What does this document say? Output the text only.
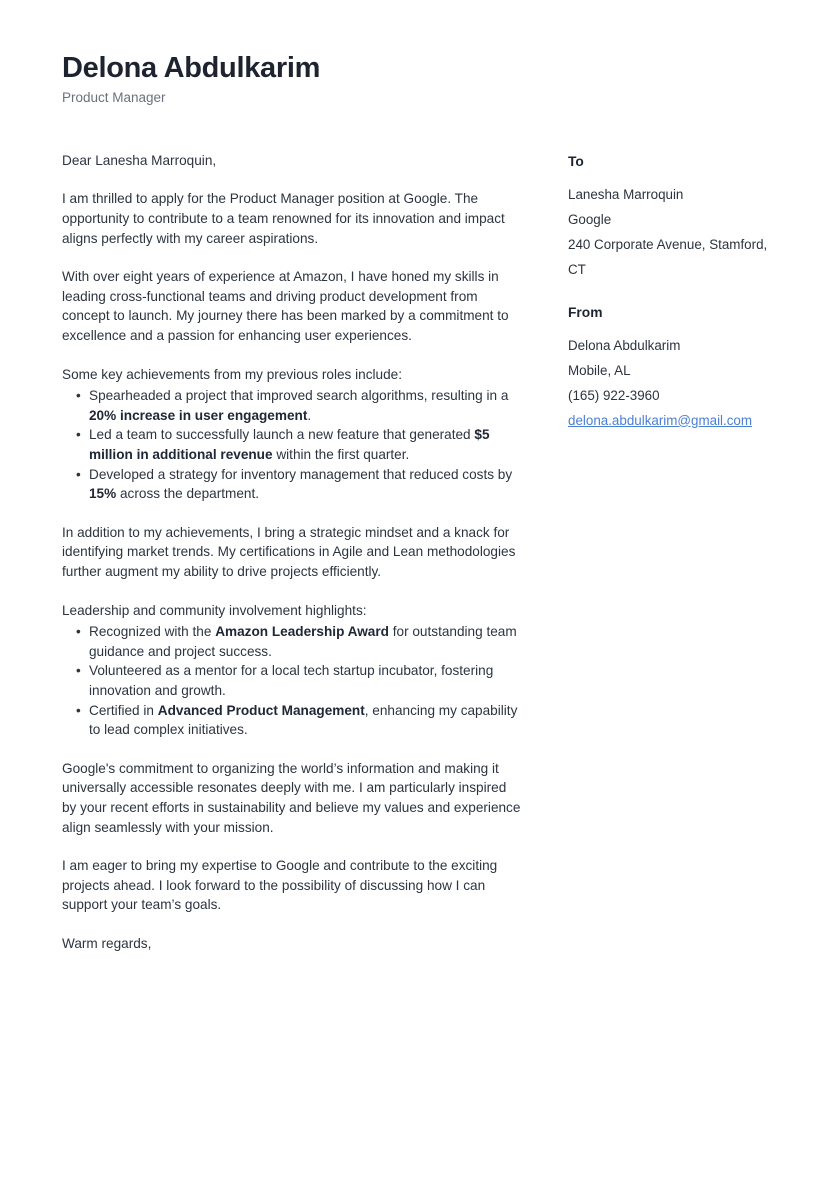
Delona Abdulkarim
Product Manager

Dear Lanesha Marroquin,

I am thrilled to apply for the Product Manager position at Google. The opportunity to contribute to a team renowned for its innovation and impact aligns perfectly with my career aspirations.

With over eight years of experience at Amazon, I have honed my skills in leading cross-functional teams and driving product development from concept to launch. My journey there has been marked by a commitment to excellence and a passion for enhancing user experiences.

Some key achievements from my previous roles include:

• Spearheaded a project that improved search algorithms, resulting in a 20% increase in user engagement.
• Led a team to successfully launch a new feature that generated $5 million in additional revenue within the first quarter.
• Developed a strategy for inventory management that reduced costs by 15% across the department.

In addition to my achievements, I bring a strategic mindset and a knack for identifying market trends. My certifications in Agile and Lean methodologies further augment my ability to drive projects efficiently.

Leadership and community involvement highlights:

• Recognized with the Amazon Leadership Award for outstanding team guidance and project success.
• Volunteered as a mentor for a local tech startup incubator, fostering innovation and growth.
• Certified in Advanced Product Management, enhancing my capability to lead complex initiatives.

Google's commitment to organizing the world’s information and making it universally accessible resonates deeply with me. I am particularly inspired by your recent efforts in sustainability and believe my values and experience align seamlessly with your mission.

I am eager to bring my expertise to Google and contribute to the exciting projects ahead. I look forward to the possibility of discussing how I can support your team’s goals.

Warm regards,

To
Lanesha Marroquin
Google
240 Corporate Avenue, Stamford, CT
From
Delona Abdulkarim
Mobile, AL
(165) 922-3960
delona.abdulkarim@gmail.com
